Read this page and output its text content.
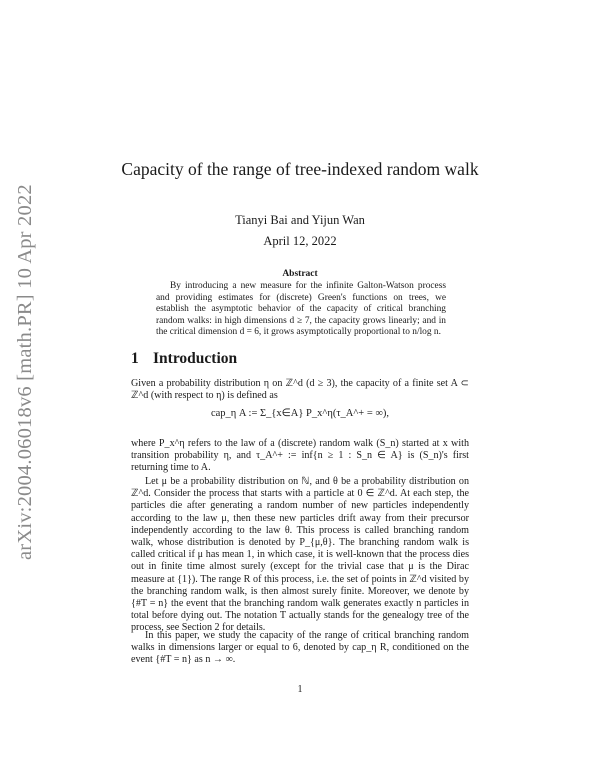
arXiv:2004.06018v6 [math.PR] 10 Apr 2022
Capacity of the range of tree-indexed random walk
Tianyi Bai and Yijun Wan
April 12, 2022
Abstract
By introducing a new measure for the infinite Galton-Watson process and providing estimates for (discrete) Green's functions on trees, we establish the asymptotic behavior of the capacity of critical branching random walks: in high dimensions d ≥ 7, the capacity grows linearly; and in the critical dimension d = 6, it grows asymptotically proportional to n/log n.
1 Introduction
Given a probability distribution η on ℤ^d (d ≥ 3), the capacity of a finite set A ⊂ ℤ^d (with respect to η) is defined as
cap_η A := Σ_{x∈A} P_x^η(τ_A^+ = ∞),
where P_x^η refers to the law of a (discrete) random walk (S_n) started at x with transition probability η, and τ_A^+ := inf{n ≥ 1 : S_n ∈ A} is (S_n)'s first returning time to A.
Let μ be a probability distribution on ℕ, and θ be a probability distribution on ℤ^d. Consider the process that starts with a particle at 0 ∈ ℤ^d. At each step, the particles die after generating a random number of new particles independently according to the law μ, then these new particles drift away from their precursor independently according to the law θ. This process is called branching random walk, whose distribution is denoted by P_{μ,θ}. The branching random walk is called critical if μ has mean 1, in which case, it is well-known that the process dies out in finite time almost surely (except for the trivial case that μ is the Dirac measure at {1}). The range R of this process, i.e. the set of points in ℤ^d visited by the branching random walk, is then almost surely finite. Moreover, we denote by {#T = n} the event that the branching random walk generates exactly n particles in total before dying out. The notation T actually stands for the genealogy tree of the process, see Section 2 for details.
In this paper, we study the capacity of the range of critical branching random walks in dimensions larger or equal to 6, denoted by cap_η R, conditioned on the event {#T = n} as n → ∞.
1
